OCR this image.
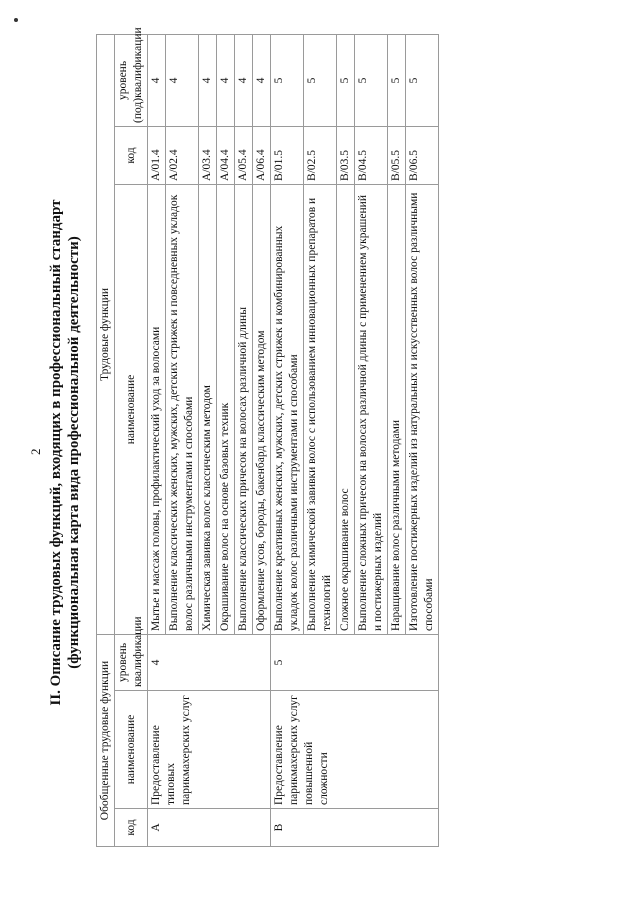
2 II. Описание трудовых функций, входящих в профессиональный стандарт (функциональная карта вида профессиональной деятельности)
Обобщенные трудовые функции			Трудовые функции		
код	наименование	уровень квалификации	наименование	код	уровень (под)квалификации
A	Предоставление типовых парикмахерских услуг	4	Мытье и массаж головы, профилактический уход за волосами	A/01.4	4
			Выполнение классических женских, мужских, детских стрижек и повседневных укладок волос различными инструментами и способами	A/02.4	4
			Химическая завивка волос классическим методом	A/03.4	4
			Окрашивание волос на основе базовых техник	A/04.4	4
			Выполнение классических причесок на волосах различной длины	A/05.4	4
			Оформление усов, бороды, бакенбард классическим методом	A/06.4	4
B	Предоставление парикмахерских услуг повышенной сложности	5	Выполнение креативных женских, мужских, детских стрижек и комбинированных укладок волос различными инструментами и способами	B/01.5	5
			Выполнение химической завивки волос с использованием инновационных препаратов и технологий	B/02.5	5
			Сложное окрашивание волос	B/03.5	5
			Выполнение сложных причесок на волосах различной длины с применением украшений и постижерных изделий	B/04.5	5
			Наращивание волос различными методами	B/05.5	5
			Изготовление постижерных изделий из натуральных и искусственных волос различными способами	B/06.5	5
